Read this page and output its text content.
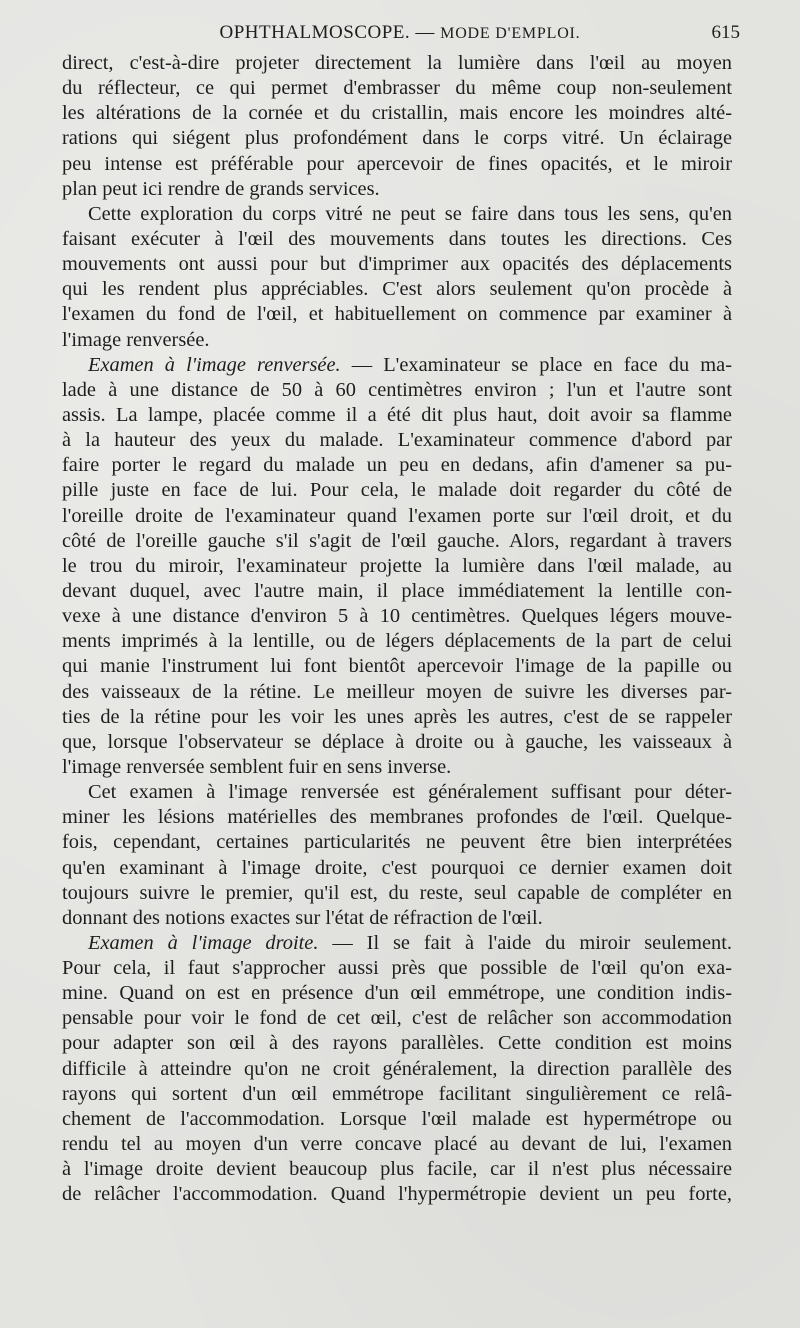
OPHTHALMOSCOPE. — MODE D'EMPLOI.	615
direct, c'est-à-dire projeter directement la lumière dans l'œil au moyen
du réflecteur, ce qui permet d'embrasser du même coup non-seulement
les altérations de la cornée et du cristallin, mais encore les moindres alté-
rations qui siégent plus profondément dans le corps vitré. Un éclairage
peu intense est préférable pour apercevoir de fines opacités, et le miroir
plan peut ici rendre de grands services.
Cette exploration du corps vitré ne peut se faire dans tous les sens, qu'en
faisant exécuter à l'œil des mouvements dans toutes les directions. Ces
mouvements ont aussi pour but d'imprimer aux opacités des déplacements
qui les rendent plus appréciables. C'est alors seulement qu'on procède à
l'examen du fond de l'œil, et habituellement on commence par examiner à
l'image renversée.
Examen à l'image renversée. — L'examinateur se place en face du ma-
lade à une distance de 50 à 60 centimètres environ ; l'un et l'autre sont
assis. La lampe, placée comme il a été dit plus haut, doit avoir sa flamme
à la hauteur des yeux du malade. L'examinateur commence d'abord par
faire porter le regard du malade un peu en dedans, afin d'amener sa pu-
pille juste en face de lui. Pour cela, le malade doit regarder du côté de
l'oreille droite de l'examinateur quand l'examen porte sur l'œil droit, et du
côté de l'oreille gauche s'il s'agit de l'œil gauche. Alors, regardant à travers
le trou du miroir, l'examinateur projette la lumière dans l'œil malade, au
devant duquel, avec l'autre main, il place immédiatement la lentille con-
vexe à une distance d'environ 5 à 10 centimètres. Quelques légers mouve-
ments imprimés à la lentille, ou de légers déplacements de la part de celui
qui manie l'instrument lui font bientôt apercevoir l'image de la papille ou
des vaisseaux de la rétine. Le meilleur moyen de suivre les diverses par-
ties de la rétine pour les voir les unes après les autres, c'est de se rappeler
que, lorsque l'observateur se déplace à droite ou à gauche, les vaisseaux à
l'image renversée semblent fuir en sens inverse.
Cet examen à l'image renversée est généralement suffisant pour déter-
miner les lésions matérielles des membranes profondes de l'œil. Quelque-
fois, cependant, certaines particularités ne peuvent être bien interprétées
qu'en examinant à l'image droite, c'est pourquoi ce dernier examen doit
toujours suivre le premier, qu'il est, du reste, seul capable de compléter en
donnant des notions exactes sur l'état de réfraction de l'œil.
Examen à l'image droite. — Il se fait à l'aide du miroir seulement.
Pour cela, il faut s'approcher aussi près que possible de l'œil qu'on exa-
mine. Quand on est en présence d'un œil emmétrope, une condition indis-
pensable pour voir le fond de cet œil, c'est de relâcher son accommodation
pour adapter son œil à des rayons parallèles. Cette condition est moins
difficile à atteindre qu'on ne croit généralement, la direction parallèle des
rayons qui sortent d'un œil emmétrope facilitant singulièrement ce relâ-
chement de l'accommodation. Lorsque l'œil malade est hypermétrope ou
rendu tel au moyen d'un verre concave placé au devant de lui, l'examen
à l'image droite devient beaucoup plus facile, car il n'est plus nécessaire
de relâcher l'accommodation. Quand l'hypermétropie devient un peu forte,
